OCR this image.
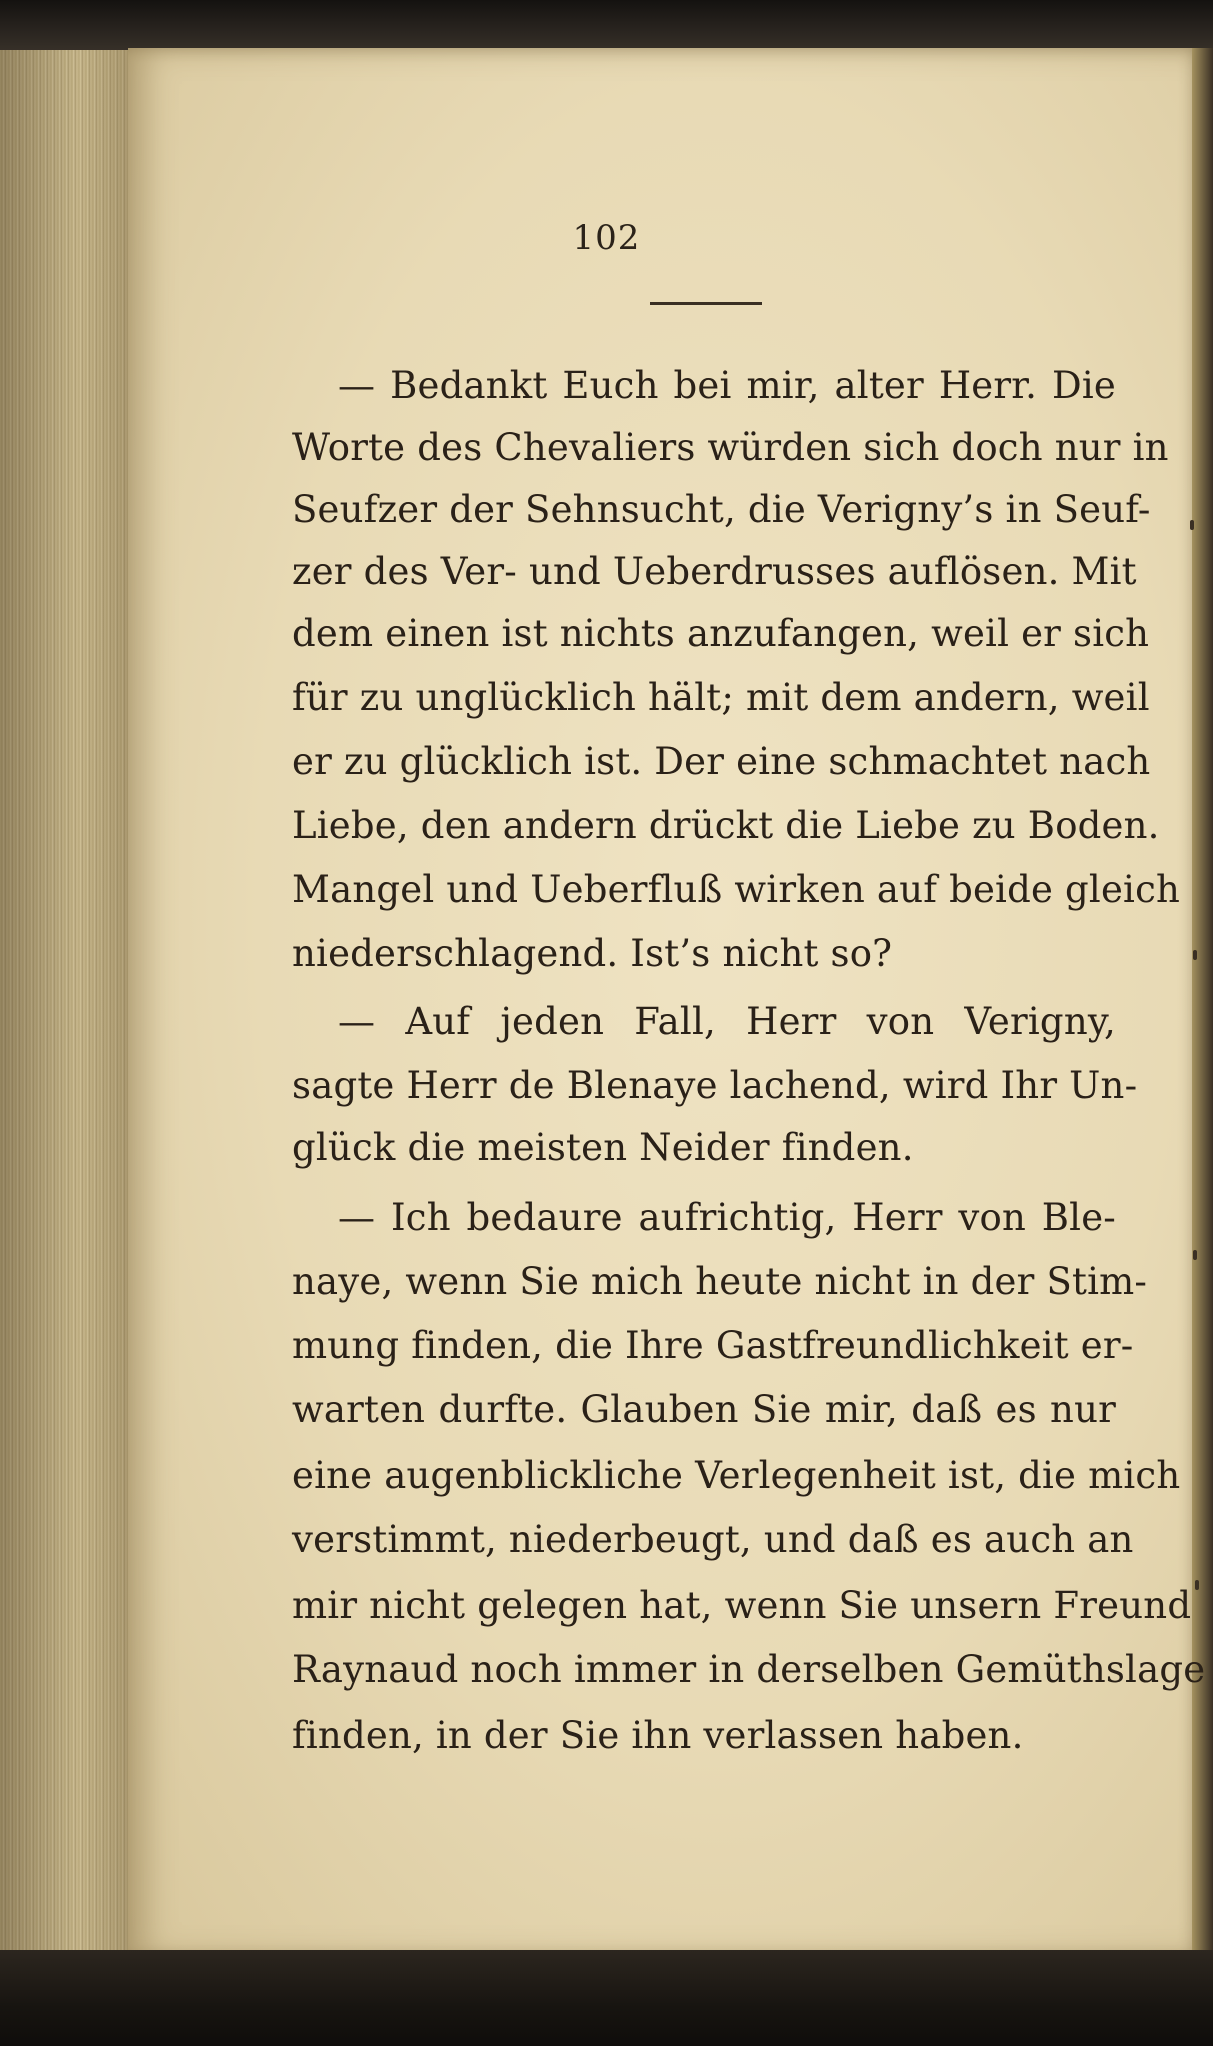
102
— Bedankt Euch bei mir, alter Herr. Die
Worte des Chevaliers würden sich doch nur in
Seufzer der Sehnsucht, die Verigny’s in Seuf-
zer des Ver- und Ueberdrusses auflösen. Mit
dem einen ist nichts anzufangen, weil er sich
für zu unglücklich hält; mit dem andern, weil
er zu glücklich ist. Der eine schmachtet nach
Liebe, den andern drückt die Liebe zu Boden.
Mangel und Ueberfluß wirken auf beide gleich
niederschlagend. Ist’s nicht so?
— Auf jeden Fall, Herr von Verigny,
sagte Herr de Blenaye lachend, wird Ihr Un-
glück die meisten Neider finden.
— Ich bedaure aufrichtig, Herr von Ble-
naye, wenn Sie mich heute nicht in der Stim-
mung finden, die Ihre Gastfreundlichkeit er-
warten durfte. Glauben Sie mir, daß es nur
eine augenblickliche Verlegenheit ist, die mich
verstimmt, niederbeugt, und daß es auch an
mir nicht gelegen hat, wenn Sie unsern Freund
Raynaud noch immer in derselben Gemüthslage
finden, in der Sie ihn verlassen haben.
